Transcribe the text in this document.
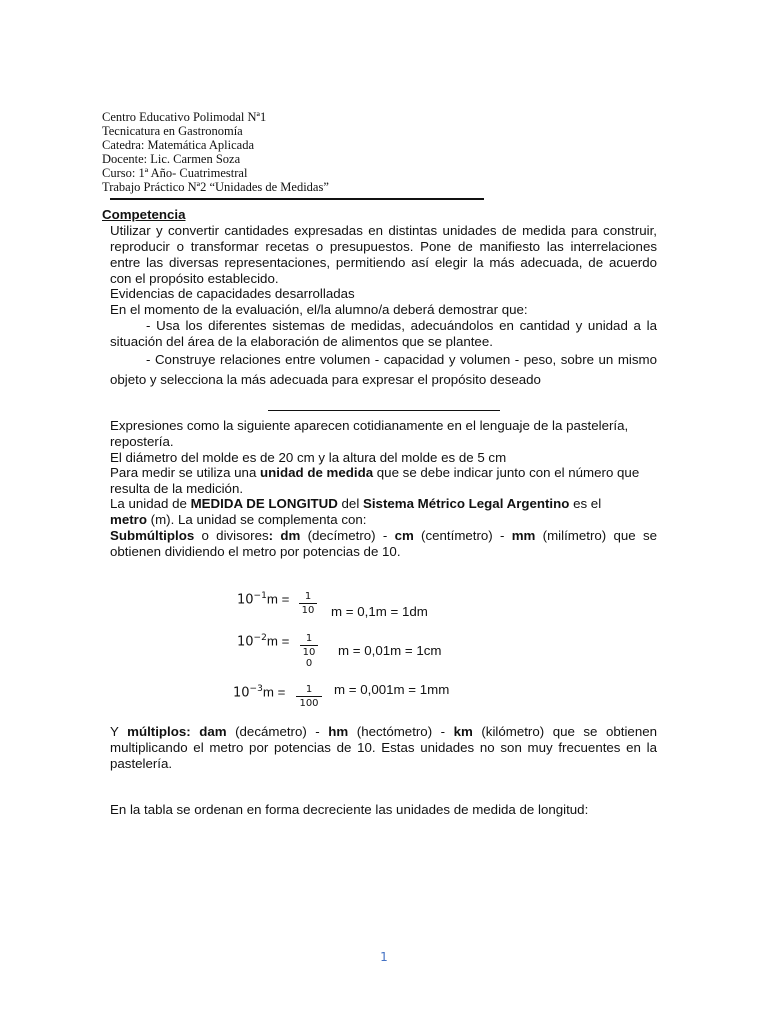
Centro Educativo Polimodal Nª1
Tecnicatura en Gastronomía
Catedra: Matemática Aplicada
Docente: Lic. Carmen Soza
Curso: 1ª Año- Cuatrimestral
Trabajo Práctico Nª2 “Unidades de Medidas”
Competencia
Utilizar y convertir cantidades expresadas en distintas unidades de medida para construir, reproducir o transformar recetas o presupuestos. Pone de manifiesto las interrelaciones entre las diversas representaciones, permitiendo así elegir la más adecuada, de acuerdo con el propósito establecido.
Evidencias de capacidades desarrolladas
En el momento de la evaluación, el/la alumno/a deberá demostrar que:
- Usa los diferentes sistemas de medidas, adecuándolos en cantidad y unidad a la situación del área de la elaboración de alimentos que se plantee.
- Construye relaciones entre volumen - capacidad y volumen - peso, sobre un mismo objeto y selecciona la más adecuada para expresar el propósito deseado
Expresiones como la siguiente aparecen cotidianamente en el lenguaje de la pastelería, repostería.
El diámetro del molde es de 20 cm y la altura del molde es de 5 cm
Para medir se utiliza una unidad de medida que se debe indicar junto con el número que resulta de la medición.
La unidad de MEDIDA DE LONGITUD del Sistema Métrico Legal Argentino es el
metro (m). La unidad se complementa con:
Submúltiplos o divisores: dm (decímetro) - cm (centímetro) - mm (milímetro) que se obtienen dividiendo el metro por potencias de 10.
$10^{-1}m$ =	1
10 m = 0,1m = 1dm
$10^{-2}m$ =	1
100
m = 0,01m = 1cm
$10^{-3}m$ =	1
100
m = 0,001m = 1mm
Y múltiplos: dam (decámetro) - hm (hectómetro) - km (kilómetro) que se obtienen multiplicando el metro por potencias de 10. Estas unidades no son muy frecuentes en la pastelería.
En la tabla se ordenan en forma decreciente las unidades de medida de longitud:
1
